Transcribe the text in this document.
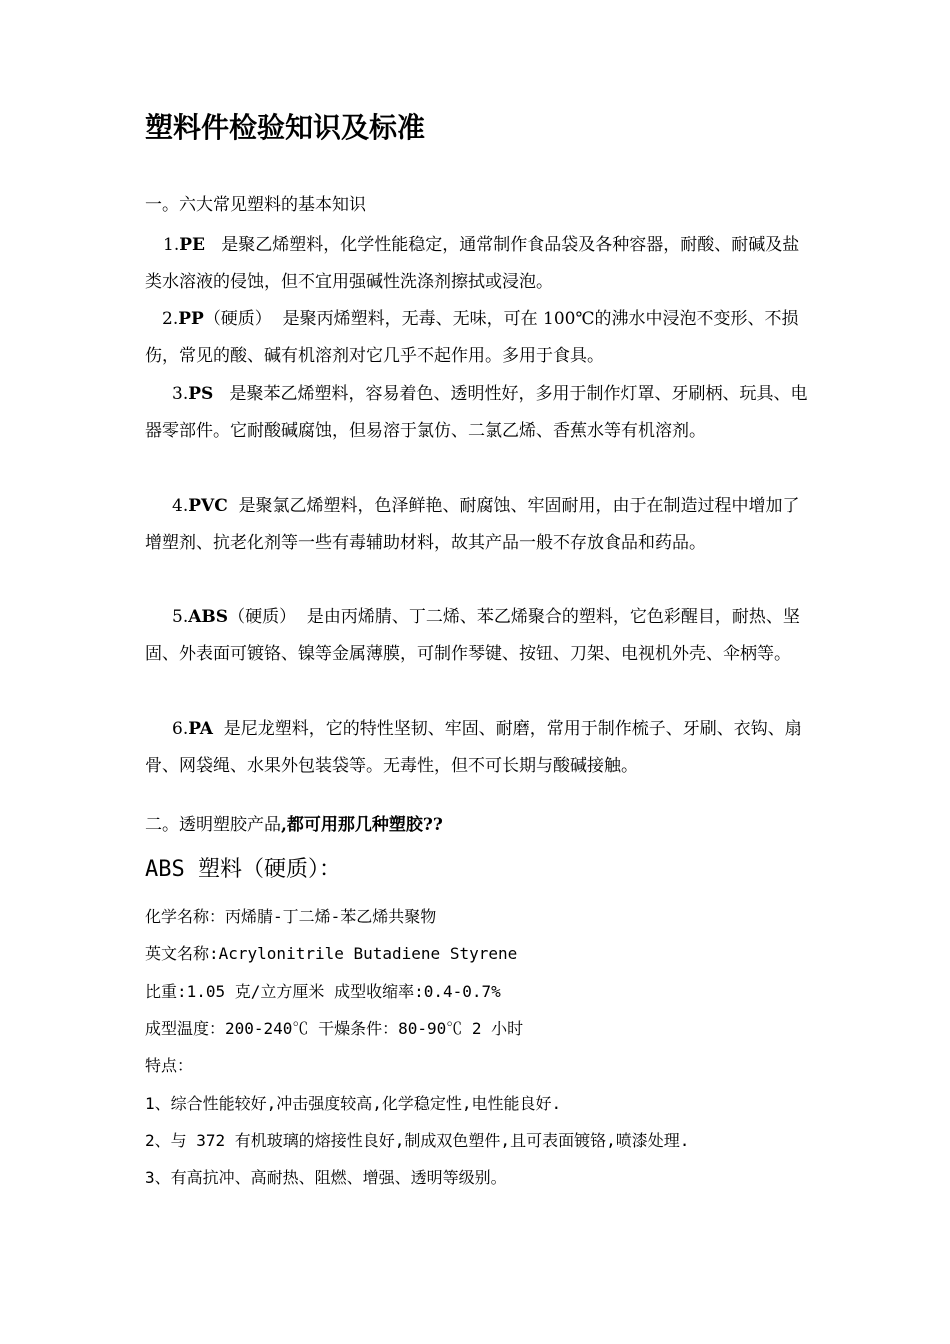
塑料件检验知识及标准
一。六大常见塑料的基本知识

1.PE 是聚乙烯塑料，化学性能稳定，通常制作食品袋及各种容器，耐酸、耐碱及盐类水溶液的侵蚀，但不宜用强碱性洗涤剂擦拭或浸泡。

2.PP（硬质） 是聚丙烯塑料，无毒、无味，可在 100℃的沸水中浸泡不变形、不损伤，常见的酸、碱有机溶剂对它几乎不起作用。多用于食具。

3.PS 是聚苯乙烯塑料，容易着色、透明性好，多用于制作灯罩、牙刷柄、玩具、电器零部件。它耐酸碱腐蚀，但易溶于氯仿、二氯乙烯、香蕉水等有机溶剂。

4.PVC 是聚氯乙烯塑料，色泽鲜艳、耐腐蚀、牢固耐用，由于在制造过程中增加了增塑剂、抗老化剂等一些有毒辅助材料，故其产品一般不存放食品和药品。

5.ABS（硬质） 是由丙烯腈、丁二烯、苯乙烯聚合的塑料，它色彩醒目，耐热、坚固、外表面可镀铬、镍等金属薄膜，可制作琴键、按钮、刀架、电视机外壳、伞柄等。

6.PA 是尼龙塑料，它的特性坚韧、牢固、耐磨，常用于制作梳子、牙刷、衣钩、扇骨、网袋绳、水果外包装袋等。无毒性，但不可长期与酸碱接触。

二。透明塑胶产品,都可用那几种塑胶??
ABS 塑料（硬质）：
化学名称：丙烯腈-丁二烯-苯乙烯共聚物
英文名称:Acrylonitrile Butadiene Styrene
比重:1.05 克/立方厘米 成型收缩率:0.4-0.7%
成型温度：200-240℃ 干燥条件：80-90℃ 2 小时
特点：
1、综合性能较好,冲击强度较高,化学稳定性,电性能良好.
2、与 372 有机玻璃的熔接性良好,制成双色塑件,且可表面镀铬,喷漆处理.
3、有高抗冲、高耐热、阻燃、增强、透明等级别。
